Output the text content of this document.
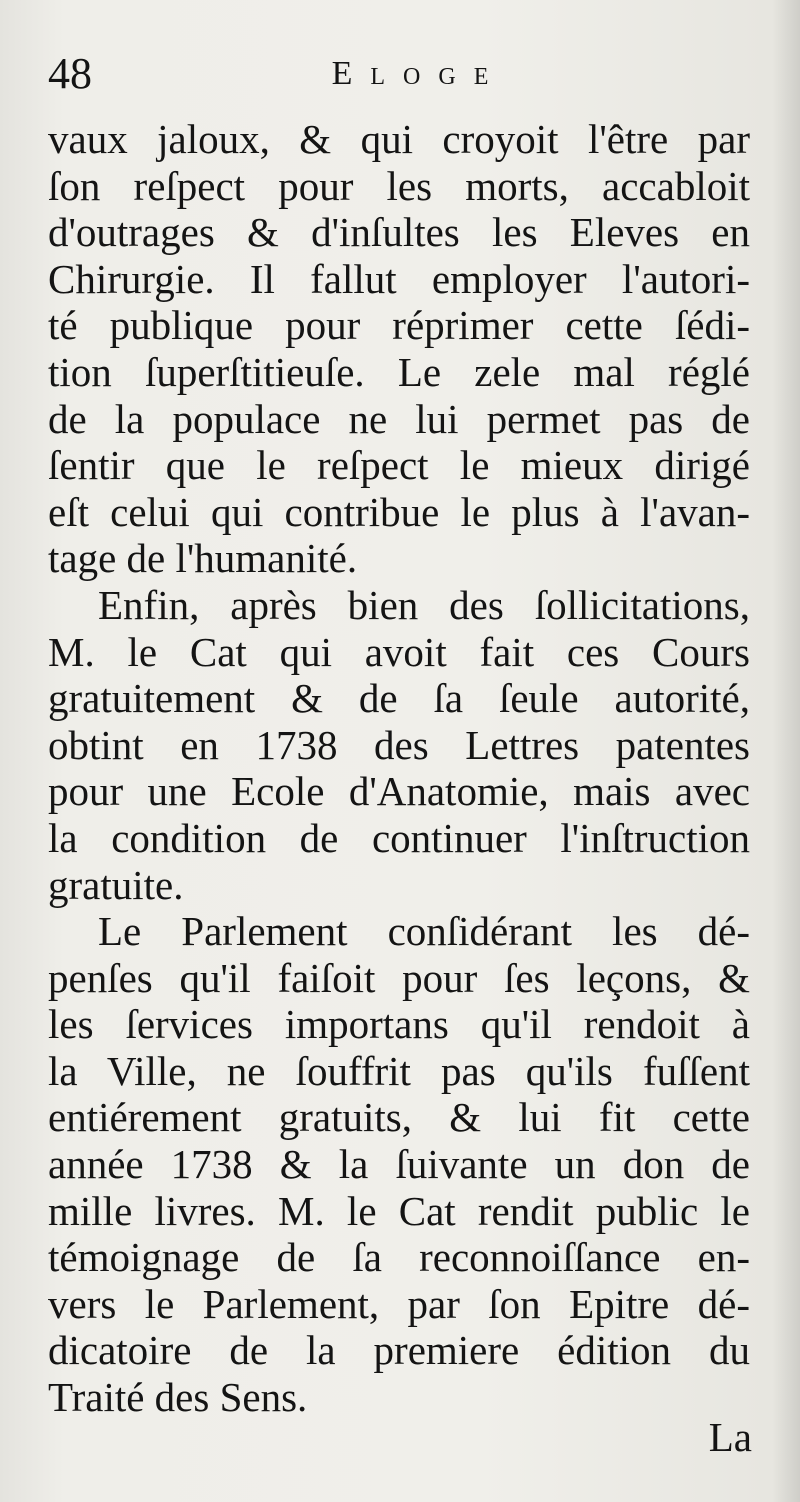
48	Eloge
vaux jaloux, & qui croyoit l'être par
ſon reſpect pour les morts, accabloit
d'outrages & d'inſultes les Eleves en
Chirurgie. Il fallut employer l'autori-
té publique pour réprimer cette ſédi-
tion ſuperſtitieuſe. Le zele mal réglé
de la populace ne lui permet pas de
ſentir que le reſpect le mieux dirigé
eſt celui qui contribue le plus à l'avan-
tage de l'humanité.
Enfin, après bien des ſollicitations,
M. le Cat qui avoit fait ces Cours
gratuitement & de ſa ſeule autorité,
obtint en 1738 des Lettres patentes
pour une Ecole d'Anatomie, mais avec
la condition de continuer l'inſtruction
gratuite.
Le Parlement conſidérant les dé-
penſes qu'il faiſoit pour ſes leçons, &
les ſervices importans qu'il rendoit à
la Ville, ne ſouffrit pas qu'ils fuſſent
entiérement gratuits, & lui fit cette
année 1738 & la ſuivante un don de
mille livres. M. le Cat rendit public le
témoignage de ſa reconnoiſſance en-
vers le Parlement, par ſon Epitre dé-
dicatoire de la premiere édition du
Traité des Sens.
La
